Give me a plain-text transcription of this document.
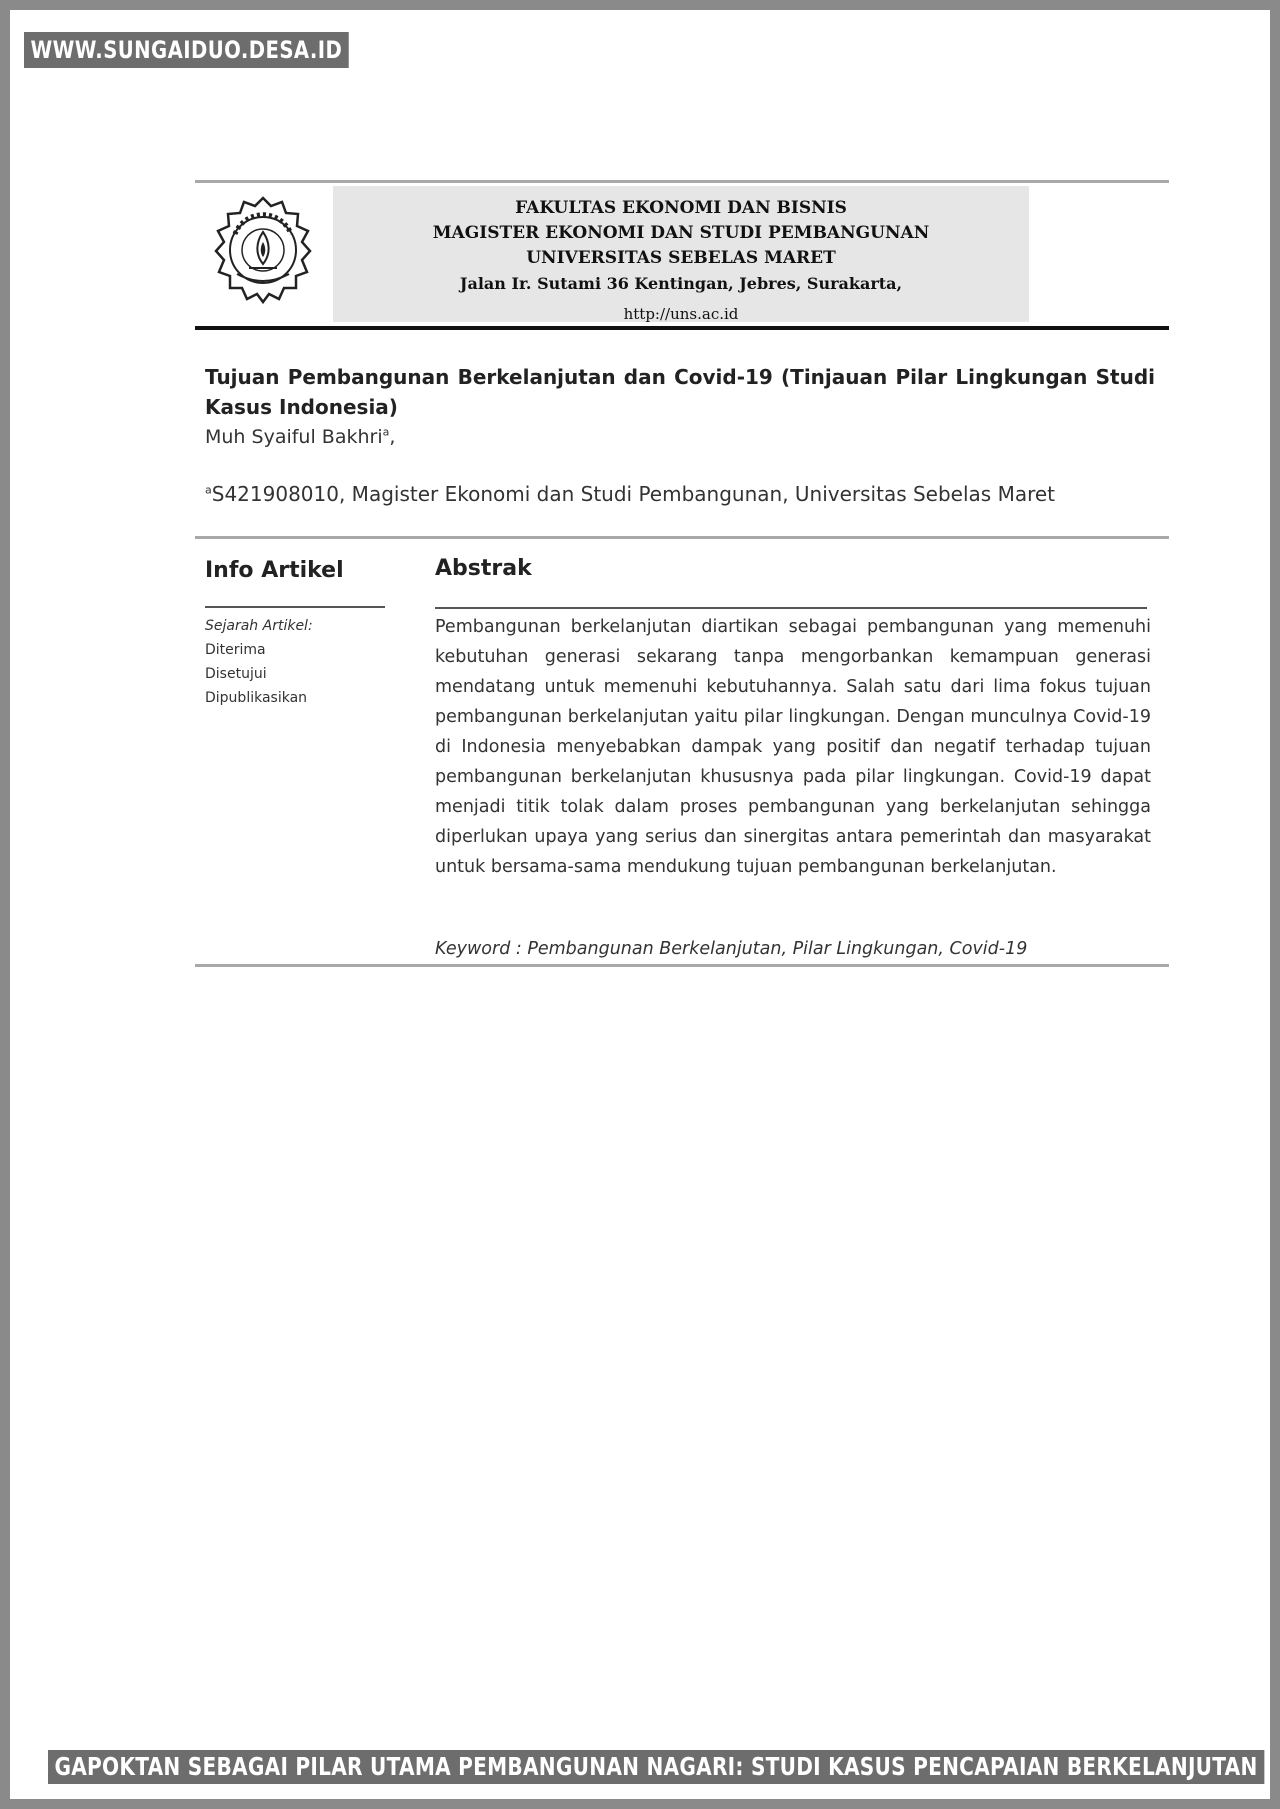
WWW.SUNGAIDUO.DESA.ID
FAKULTAS EKONOMI DAN BISNIS
MAGISTER EKONOMI DAN STUDI PEMBANGUNAN
UNIVERSITAS SEBELAS MARET
Jalan Ir. Sutami 36 Kentingan, Jebres, Surakarta,
http://uns.ac.id
Tujuan Pembangunan Berkelanjutan dan Covid-19 (Tinjauan Pilar Lingkungan Studi Kasus Indonesia)
Muh Syaiful Bakhri$^a$,
$^a$S421908010, Magister Ekonomi dan Studi Pembangunan, Universitas Sebelas Maret
Info Artikel
Sejarah Artikel:
Diterima
Disetujui
Dipublikasikan
Abstrak
Pembangunan berkelanjutan diartikan sebagai pembangunan yang memenuhi kebutuhan generasi sekarang tanpa mengorbankan kemampuan generasi mendatang untuk memenuhi kebutuhannya. Salah satu dari lima fokus tujuan pembangunan berkelanjutan yaitu pilar lingkungan. Dengan munculnya Covid-19 di Indonesia menyebabkan dampak yang positif dan negatif terhadap tujuan pembangunan berkelanjutan khususnya pada pilar lingkungan. Covid-19 dapat menjadi titik tolak dalam proses pembangunan yang berkelanjutan sehingga diperlukan upaya yang serius dan sinergitas antara pemerintah dan masyarakat untuk bersama-sama mendukung tujuan pembangunan berkelanjutan.
Keyword : Pembangunan Berkelanjutan, Pilar Lingkungan, Covid-19
GAPOKTAN SEBAGAI PILAR UTAMA PEMBANGUNAN NAGARI: STUDI KASUS PENCAPAIAN BERKELANJUTAN
